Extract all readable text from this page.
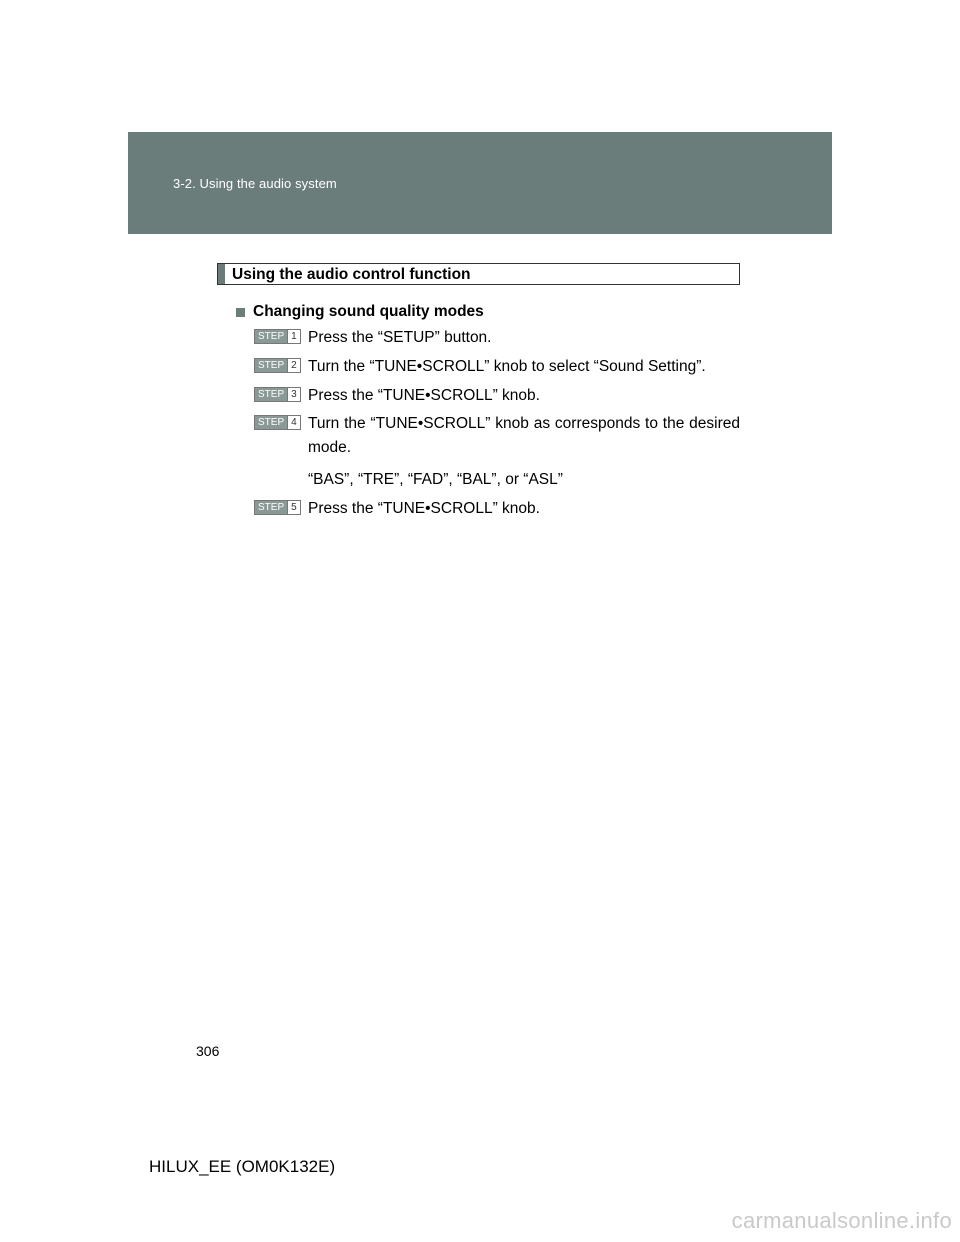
3-2. Using the audio system
Using the audio control function
Changing sound quality modes
STEP 1 Press the “SETUP” button.
STEP 2 Turn the “TUNE•SCROLL” knob to select “Sound Setting”.
STEP 3 Press the “TUNE•SCROLL” knob.
STEP 4 Turn the “TUNE•SCROLL” knob as corresponds to the desired mode.
“BAS”, “TRE”, “FAD”, “BAL”, or “ASL”
STEP 5 Press the “TUNE•SCROLL” knob.
306
HILUX_EE (OM0K132E)
carmanualsonline.info
